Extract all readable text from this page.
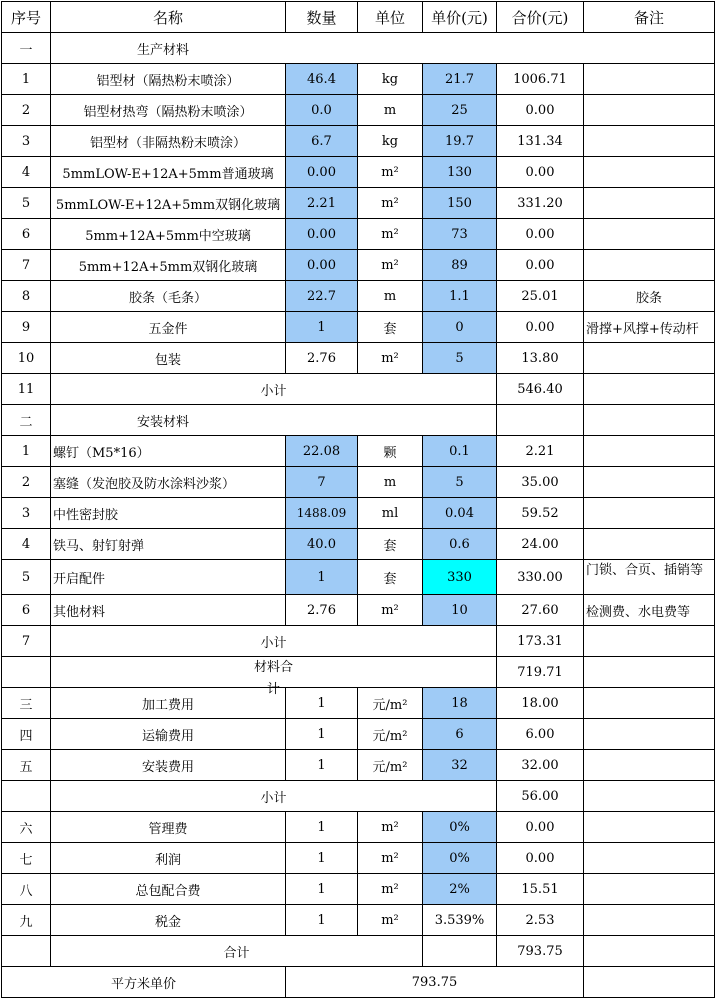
序号	名称	数量	单位	单价(元)	合价(元)	备注
一	生产材料					
1	铝型材（隔热粉末喷涂）	46.4	kg	21.7	1006.71	
2	铝型材热弯（隔热粉末喷涂）	0.0	m	25	0.00	
3	铝型材（非隔热粉末喷涂）	6.7	kg	19.7	131.34	
4	5mmLOW-E+12A+5mm普通玻璃	0.00	m²	130	0.00	
5	5mmLOW-E+12A+5mm双钢化玻璃	2.21	m²	150	331.20	
6	5mm+12A+5mm中空玻璃	0.00	m²	73	0.00	
7	5mm+12A+5mm双钢化玻璃	0.00	m²	89	0.00	
8	胶条（毛条）	22.7	m	1.1	25.01	胶条
9	五金件	1	套	0	0.00	滑撑+风撑+传动杆
10	包装	2.76	m²	5	13.80	
11	小计				546.40	
二	安装材料					
1	螺钉（M5*16）	22.08	颗	0.1	2.21	
2	塞缝（发泡胶及防水涂料沙浆）	7	m	5	35.00	
3	中性密封胶	1488.09	ml	0.04	59.52	
4	铁马、射钉射弹	40.0	套	0.6	24.00	
5	开启配件	1	套	330	330.00	门锁、合页、插销等
6	其他材料	2.76	m²	10	27.60	检测费、水电费等
7	小计				173.31	

	材料合计				719.71	
三	加工费用	1	元/m²	18	18.00	
四	运输费用	1	元/m²	6	6.00	
五	安装费用	1	元/m²	32	32.00	
	小计				56.00	
六	管理费	1	m²	0%	0.00	
七	利润	1	m²	0%	0.00	
八	总包配合费	1	m²	2%	15.51	
九	税金	1	m²	3.539%	2.53	
	合计				793.75	
平方米单价		793.75				
